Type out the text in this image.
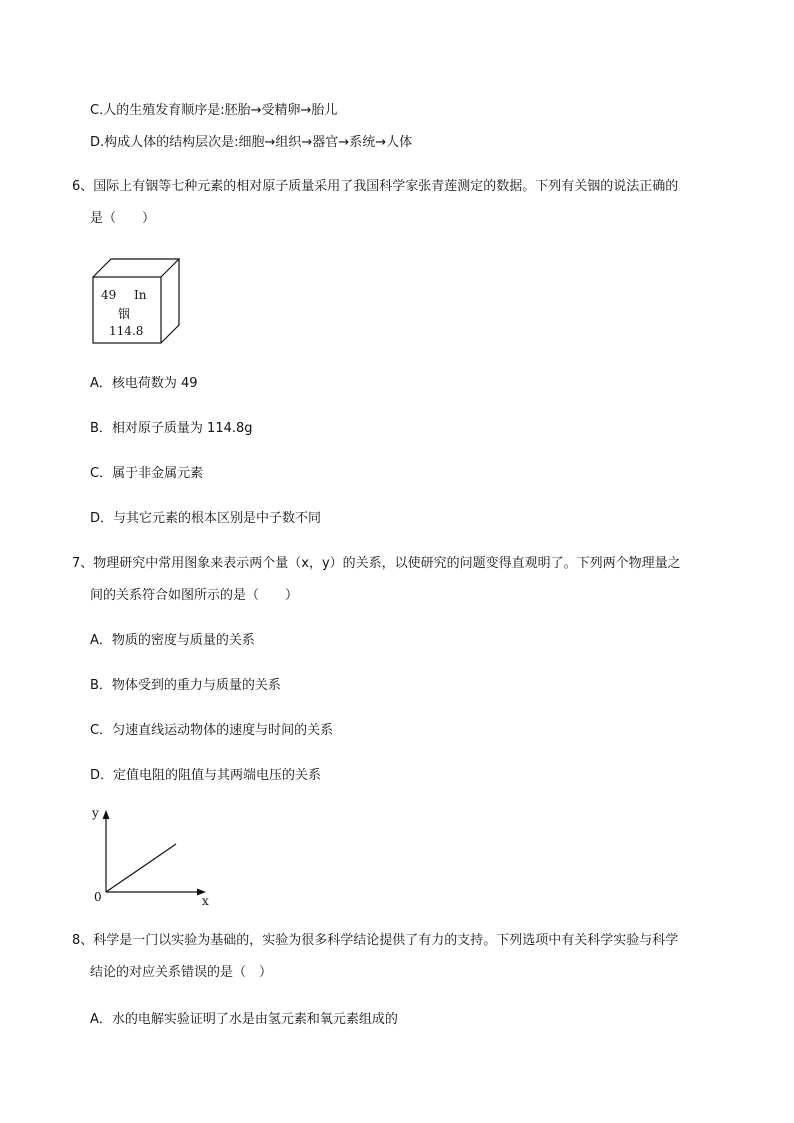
C.人的生殖发育顺序是:胚胎→受精卵→胎儿
D.构成人体的结构层次是:细胞→组织→器官→系统→人体
6、国际上有铟等七种元素的相对原子质量采用了我国科学家张青莲测定的数据。下列有关铟的说法正确的
是（　　）
49 In
铟
114.8
A．核电荷数为 49
B．相对原子质量为 114.8g
C．属于非金属元素
D．与其它元素的根本区别是中子数不同
7、物理研究中常用图象来表示两个量（x，y）的关系，以使研究的问题变得直观明了。下列两个物理量之
间的关系符合如图所示的是（　　）
A．物质的密度与质量的关系
B．物体受到的重力与质量的关系
C．匀速直线运动物体的速度与时间的关系
D．定值电阻的阻值与其两端电压的关系
y
x
0
8、科学是一门以实验为基础的，实验为很多科学结论提供了有力的支持。下列选项中有关科学实验与科学
结论的对应关系错误的是（　）
A．水的电解实验证明了水是由氢元素和氧元素组成的
